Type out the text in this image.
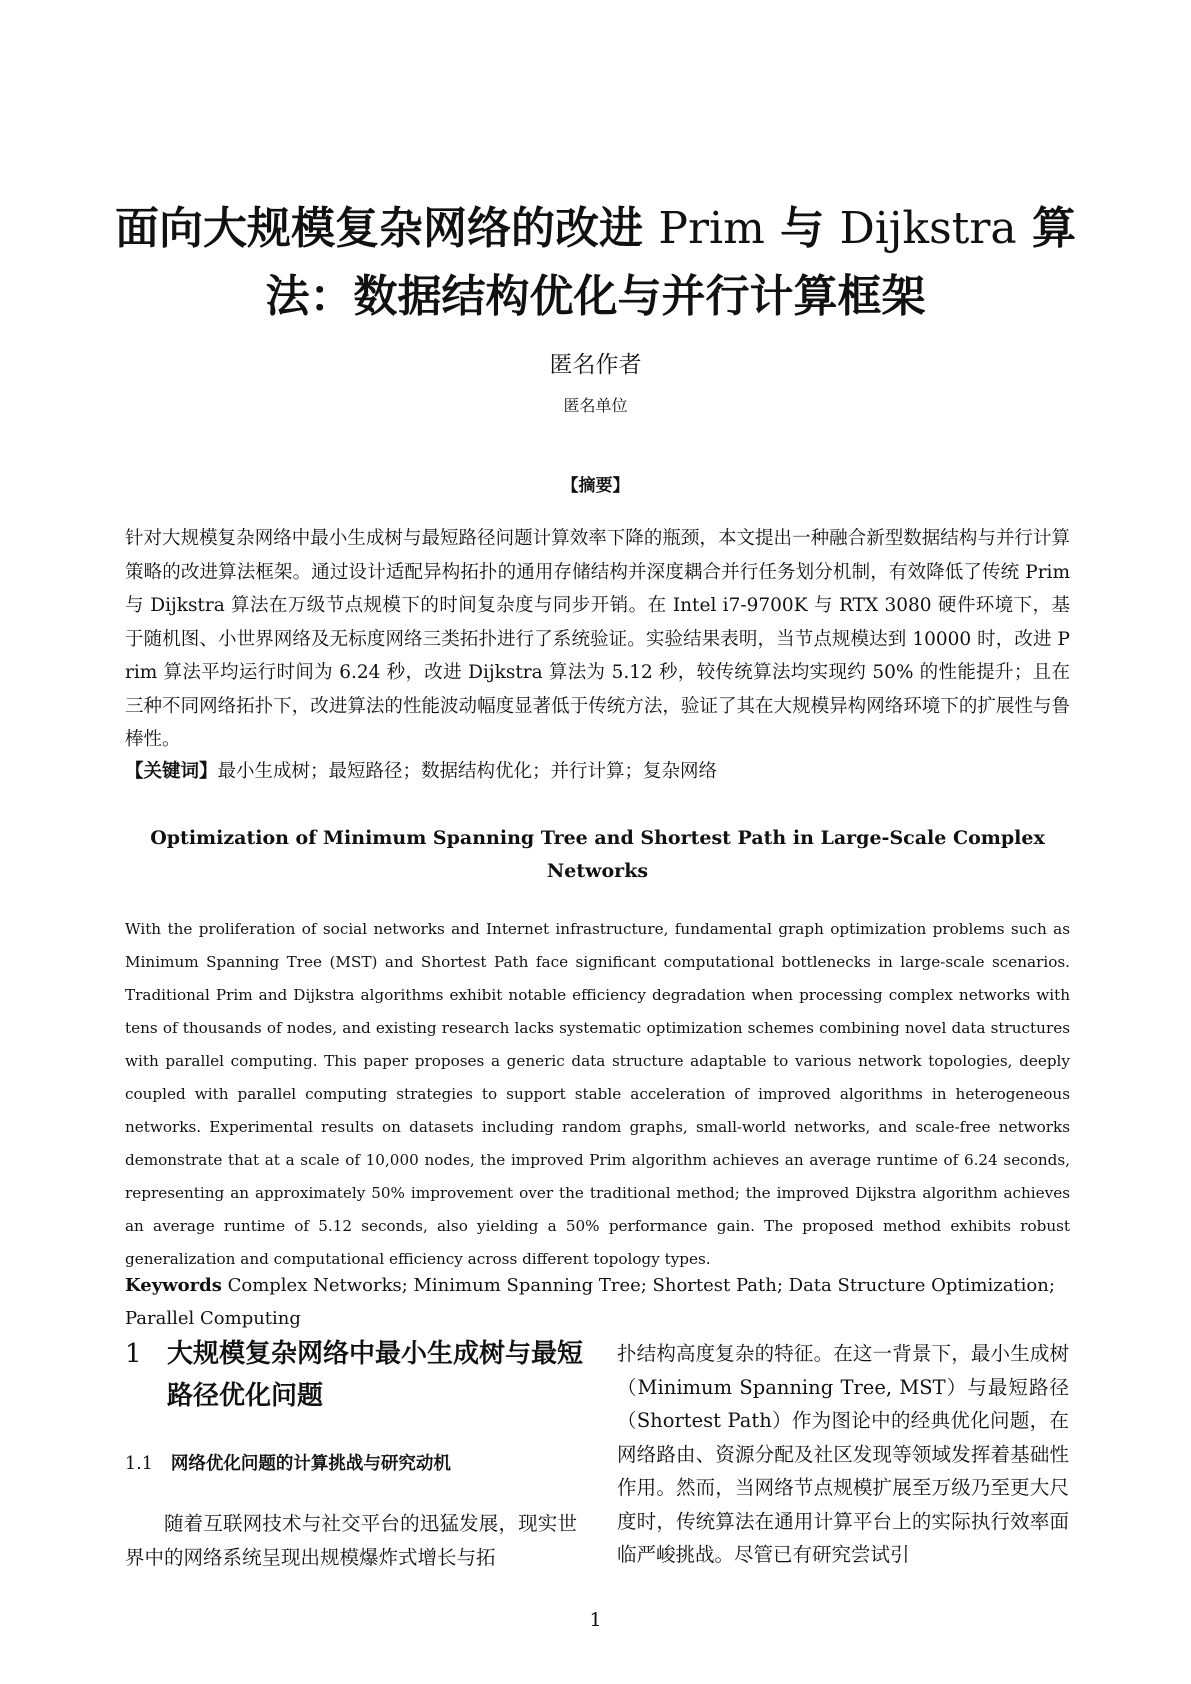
面向大规模复杂网络的改进 Prim 与 Dijkstra 算
法：数据结构优化与并行计算框架
匿名作者
匿名单位
【摘要】
针对大规模复杂网络中最小生成树与最短路径问题计算效率下降的瓶颈，本文提出一种融合新型数据结构与并行计算策略的改进算法框架。通过设计适配异构拓扑的通用存储结构并深度耦合并行任务划分机制，有效降低了传统 Prim 与 Dijkstra 算法在万级节点规模下的时间复杂度与同步开销。在 Intel i7-9700K 与 RTX 3080 硬件环境下，基于随机图、小世界网络及无标度网络三类拓扑进行了系统验证。实验结果表明，当节点规模达到 10000 时，改进 Prim 算法平均运行时间为 6.24 秒，改进 Dijkstra 算法为 5.12 秒，较传统算法均实现约 50% 的性能提升；且在三种不同网络拓扑下，改进算法的性能波动幅度显著低于传统方法，验证了其在大规模异构网络环境下的扩展性与鲁棒性。
【关键词】最小生成树；最短路径；数据结构优化；并行计算；复杂网络
Optimization of Minimum Spanning Tree and Shortest Path in Large-Scale Complex Networks
With the proliferation of social networks and Internet infrastructure, fundamental graph optimization problems such as Minimum Spanning Tree (MST) and Shortest Path face significant computational bottlenecks in large-scale scenarios. Traditional Prim and Dijkstra algorithms exhibit notable efficiency degradation when processing complex networks with tens of thousands of nodes, and existing research lacks systematic optimization schemes combining novel data structures with parallel computing. This paper proposes a generic data structure adaptable to various network topologies, deeply coupled with parallel computing strategies to support stable acceleration of improved algorithms in heterogeneous networks. Experimental results on datasets including random graphs, small-world networks, and scale-free networks demonstrate that at a scale of 10,000 nodes, the improved Prim algorithm achieves an average runtime of 6.24 seconds, representing an approximately 50% improvement over the traditional method; the improved Dijkstra algorithm achieves an average runtime of 5.12 seconds, also yielding a 50% performance gain. The proposed method exhibits robust generalization and computational efficiency across different topology types.
Keywords Complex Networks; Minimum Spanning Tree; Shortest Path; Data Structure Optimization; Parallel Computing
1 大规模复杂网络中最小生成树与最短路径优化问题
1.1 网络优化问题的计算挑战与研究动机
随着互联网技术与社交平台的迅猛发展，现实世界中的网络系统呈现出规模爆炸式增长与拓
扑结构高度复杂的特征。在这一背景下，最小生成树（Minimum Spanning Tree, MST）与最短路径（Shortest Path）作为图论中的经典优化问题，在网络路由、资源分配及社区发现等领域发挥着基础性作用。然而，当网络节点规模扩展至万级乃至更大尺度时，传统算法在通用计算平台上的实际执行效率面临严峻挑战。尽管已有研究尝试引
1
